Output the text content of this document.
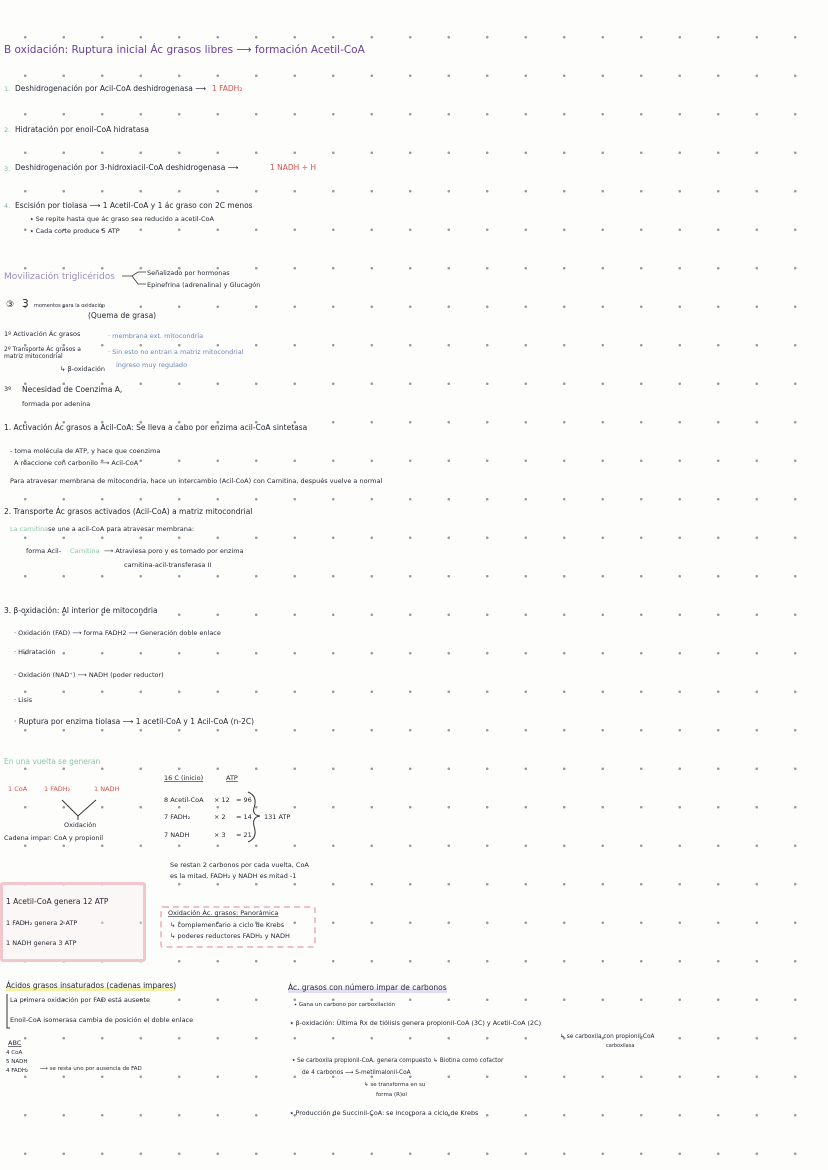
B oxidación: Ruptura inicial Ác grasos libres ⟶ formación Acetil-CoA
1. Deshidrogenación por Acil-CoA deshidrogenasa ⟶ 1 FADH₂
2. Hidratación por enoil-CoA hidratasa
3. Deshidrogenación por 3-hidroxiacil-CoA deshidrogenasa ⟶	1 NADH + H
4. Escisión por tiolasa ⟶ 1 Acetil-CoA y 1 ác graso con 2C menos
⭑ Se repite hasta que ác graso sea reducido a acetil-CoA
⭑ Cada corte produce 5 ATP
Movilización triglicéridos	Señalizado por hormonas
Epinefrina (adrenalina) y Glucagón
③ 3 momentos para la oxidación
(Quema de grasa)
1º Activación Ác grasos	· membrana ext. mitocondria
2º Transporte Ác grasos a matriz mitocondrial
· Sin esto no entran a matriz mitocondrial
ingreso muy regulado
↳ β-oxidación
3º Necesidad de Coenzima A,
formada por adenina
1. Activación Ác grasos a Acil-CoA: Se lleva a cabo por enzima acil-CoA sintetasa
- toma molécula de ATP, y hace que coenzima
A reaccione con carbonilo ⟶ Acil-CoA
Para atravesar membrana de mitocondria, hace un intercambio (Acil-CoA) con Carnitina, después vuelve a normal
2. Transporte Ác grasos activados (Acil-CoA) a matriz mitocondrial
La carnitina se une a acil-CoA para atravesar membrana:
forma Acil- Carnitina ⟶ Atraviesa poro y es tomado por enzima
carnitina-acil-transferasa II
3. β-oxidación: Al interior de mitocondria
· Oxidación (FAD) ⟶ forma FADH2 ⟶ Generación doble enlace
· Hidratación
· Oxidación (NAD⁺) ⟶ NADH (poder reductor)
· Lisis
· Ruptura por enzima tiolasa ⟶ 1 acetil-CoA y 1 Acil-CoA (n-2C)
En una vuelta se generan
1 CoA	1 FADH₂	1 NADH
Oxidación
Cadena impar: CoA y propionil
16 C (inicio)	ATP
8 Acetil-CoA × 12 = 96
7 FADH₂	× 2 = 14
7 NADH	× 3 = 21
131 ATP
Se restan 2 carbonos por cada vuelta, CoA
es la mitad, FADH₂ y NADH es mitad -1
1 Acetil-CoA genera 12 ATP
1 FADH₂ genera 2 ATP
1 NADH genera 3 ATP
Oxidación Ác. grasos: Panorámica
↳ complementario a ciclo de Krebs
↳ poderes reductores FADH₂ y NADH
Ácidos grasos insaturados (cadenas impares)
La primera oxidación por FAD está ausente
Enoil-CoA isomerasa cambia de posición el doble enlace
ABC
4 CoA
5 NADH
4 FADH₂ ⟶ se resta uno por ausencia de FAD
Ác. grasos con número impar de carbonos
⭑ Gana un carbono por carboxilación
⭑ β-oxidación: Última Rx de tiólisis genera propionil-CoA (3C) y Acetil-CoA (2C)
↳ se carboxila con propionil-CoA
carboxilasa
⭑ Se carboxila propionil-CoA, genera compuesto ↳ Biotina como cofactor
de 4 carbonos ⟶ S-metilmalonil-CoA
↳ se transforma en su
forma (R)ol
⭑ Producción de Succinil-CoA: se incorpora a ciclo de Krebs
